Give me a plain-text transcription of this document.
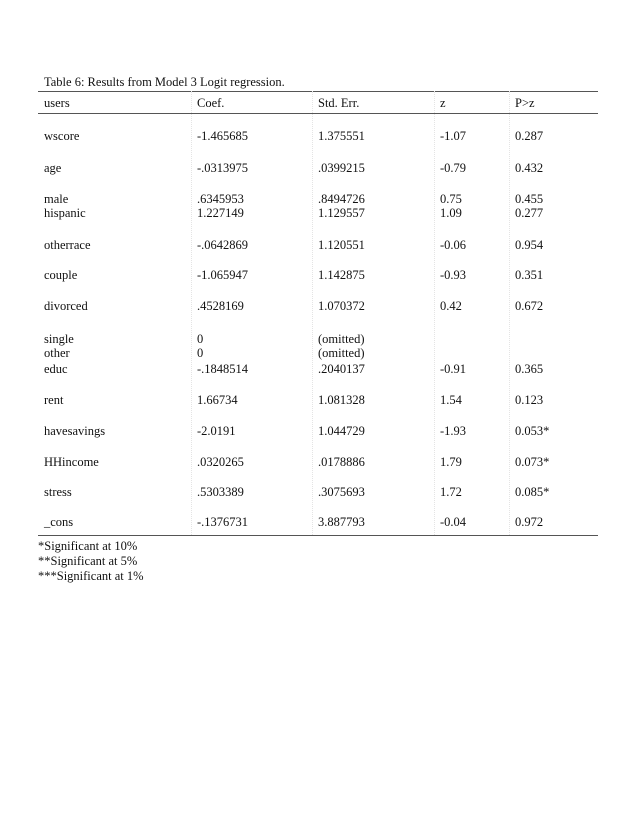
Table 6: Results from Model 3 Logit regression.
users	Coef.	Std. Err.	z	P>z
wscore	-1.465685	1.375551	-1.07	0.287
age	-.0313975	.0399215	-0.79	0.432
male	.6345953	.8494726	0.75	0.455
hispanic	1.227149	1.129557	1.09	0.277
otherrace	-.0642869	1.120551	-0.06	0.954
couple	-1.065947	1.142875	-0.93	0.351
divorced	.4528169	1.070372	0.42	0.672
single	0	(omitted)
other	0	(omitted)
educ	-.1848514	.2040137	-0.91	0.365
rent	1.66734	1.081328	1.54	0.123
havesavings	-2.0191	1.044729	-1.93	0.053*
HHincome	.0320265	.0178886	1.79	0.073*
stress	.5303389	.3075693	1.72	0.085*
_cons	-.1376731	3.887793	-0.04	0.972
*Significant at 10%
**Significant at 5%
***Significant at 1%
